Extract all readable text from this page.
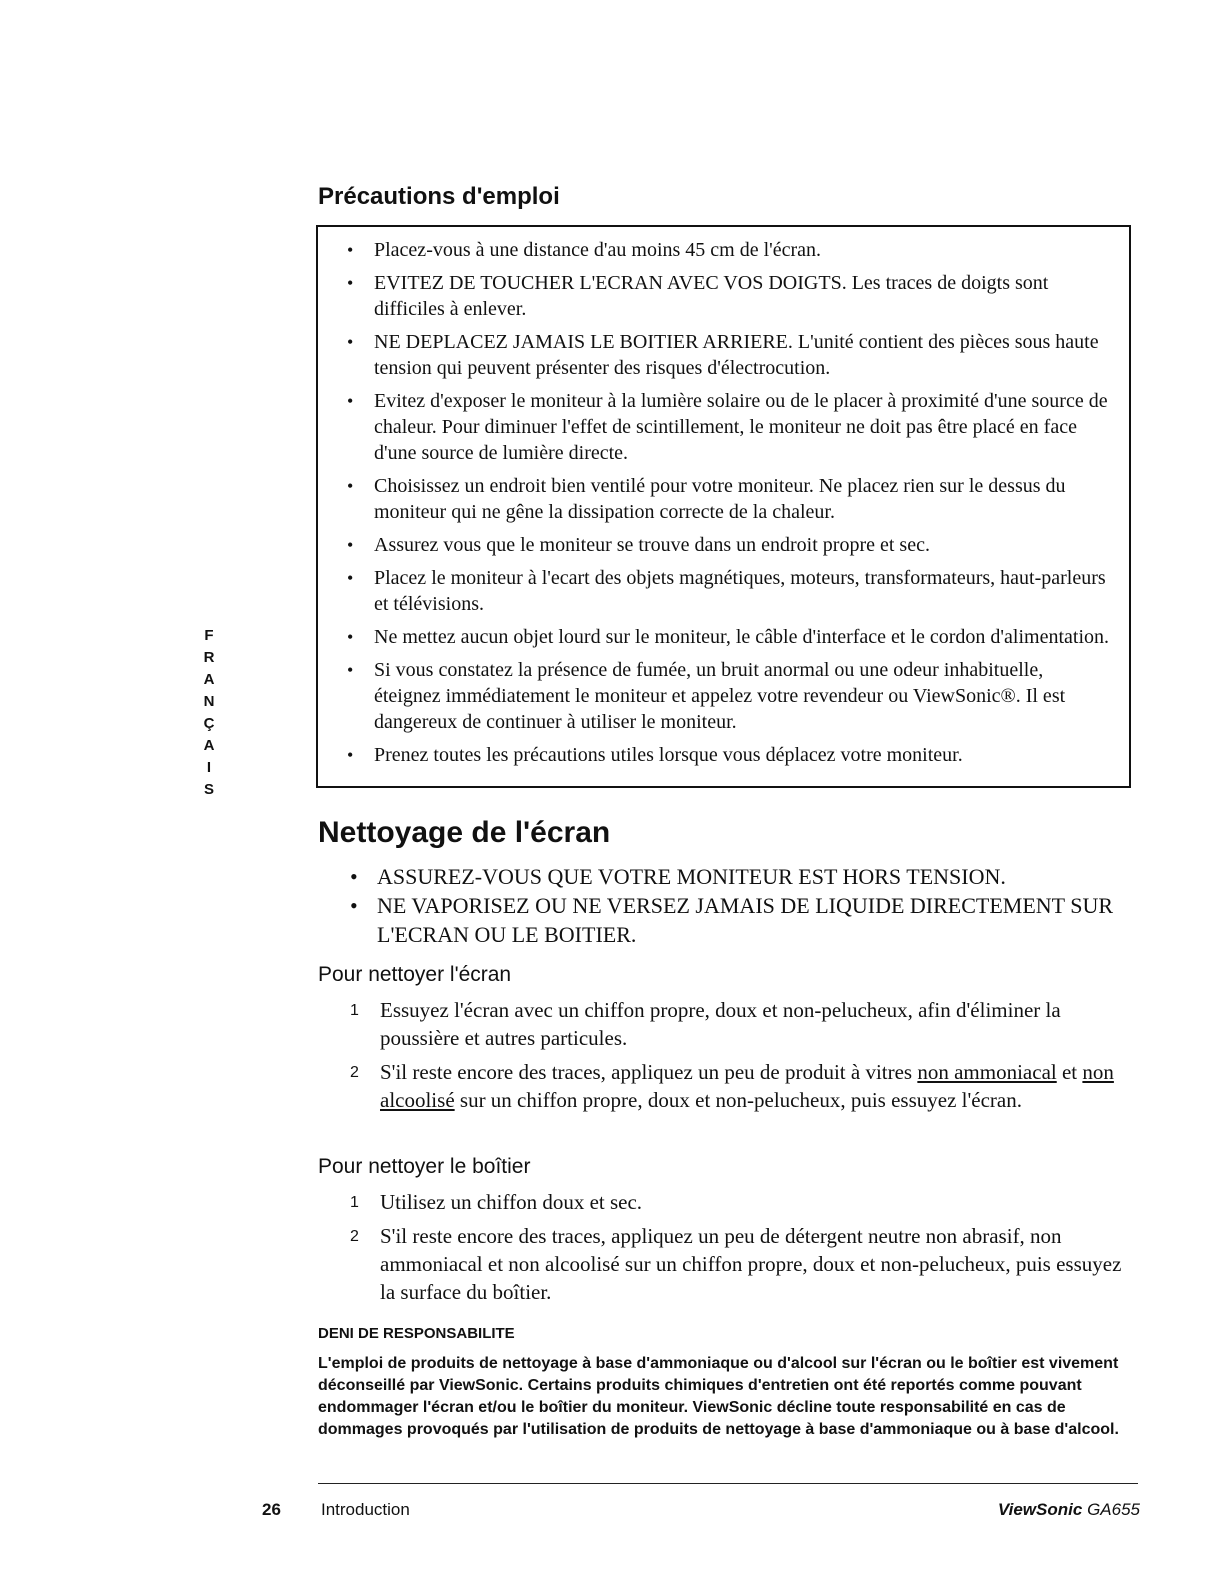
F
R
A
N
Ç
A
I
S
Précautions d'emploi
• Placez-vous à une distance d'au moins 45 cm de l'écran.
• EVITEZ DE TOUCHER L'ECRAN AVEC VOS DOIGTS. Les traces de doigts sont difficiles à enlever.
• NE DEPLACEZ JAMAIS LE BOITIER ARRIERE. L'unité contient des pièces sous haute tension qui peuvent présenter des risques d'électrocution.
• Evitez d'exposer le moniteur à la lumière solaire ou de le placer à proximité d'une source de chaleur. Pour diminuer l'effet de scintillement, le moniteur ne doit pas être placé en face d'une source de lumière directe.
• Choisissez un endroit bien ventilé pour votre moniteur. Ne placez rien sur le dessus du moniteur qui ne gêne la dissipation correcte de la chaleur.
• Assurez vous que le moniteur se trouve dans un endroit propre et sec.
• Placez le moniteur à l'ecart des objets magnétiques, moteurs, transformateurs, haut-parleurs et télévisions.
• Ne mettez aucun objet lourd sur le moniteur, le câble d'interface et le cordon d'alimentation.
• Si vous constatez la présence de fumée, un bruit anormal ou une odeur inhabituelle, éteignez immédiatement le moniteur et appelez votre revendeur ou ViewSonic®. Il est dangereux de continuer à utiliser le moniteur.
• Prenez toutes les précautions utiles lorsque vous déplacez votre moniteur.
Nettoyage de l'écran
• ASSUREZ-VOUS QUE VOTRE MONITEUR EST HORS TENSION.
• NE VAPORISEZ OU NE VERSEZ JAMAIS DE LIQUIDE DIRECTEMENT SUR L'ECRAN OU LE BOITIER.
Pour nettoyer l'écran
1 Essuyez l'écran avec un chiffon propre, doux et non-pelucheux, afin d'éliminer la poussière et autres particules.
2 S'il reste encore des traces, appliquez un peu de produit à vitres non ammoniacal et non alcoolisé sur un chiffon propre, doux et non-pelucheux, puis essuyez l'écran.
Pour nettoyer le boîtier
1 Utilisez un chiffon doux et sec.
2 S'il reste encore des traces, appliquez un peu de détergent neutre non abrasif, non ammoniacal et non alcoolisé sur un chiffon propre, doux et non-pelucheux, puis essuyez la surface du boîtier.
DENI DE RESPONSABILITE

L'emploi de produits de nettoyage à base d'ammoniaque ou d'alcool sur l'écran ou le boîtier est vivement déconseillé par ViewSonic. Certains produits chimiques d'entretien ont été reportés comme pouvant endommager l'écran et/ou le boîtier du moniteur. ViewSonic décline toute responsabilité en cas de dommages provoqués par l'utilisation de produits de nettoyage à base d'ammoniaque ou à base d'alcool.

26 Introduction	ViewSonic GA655
